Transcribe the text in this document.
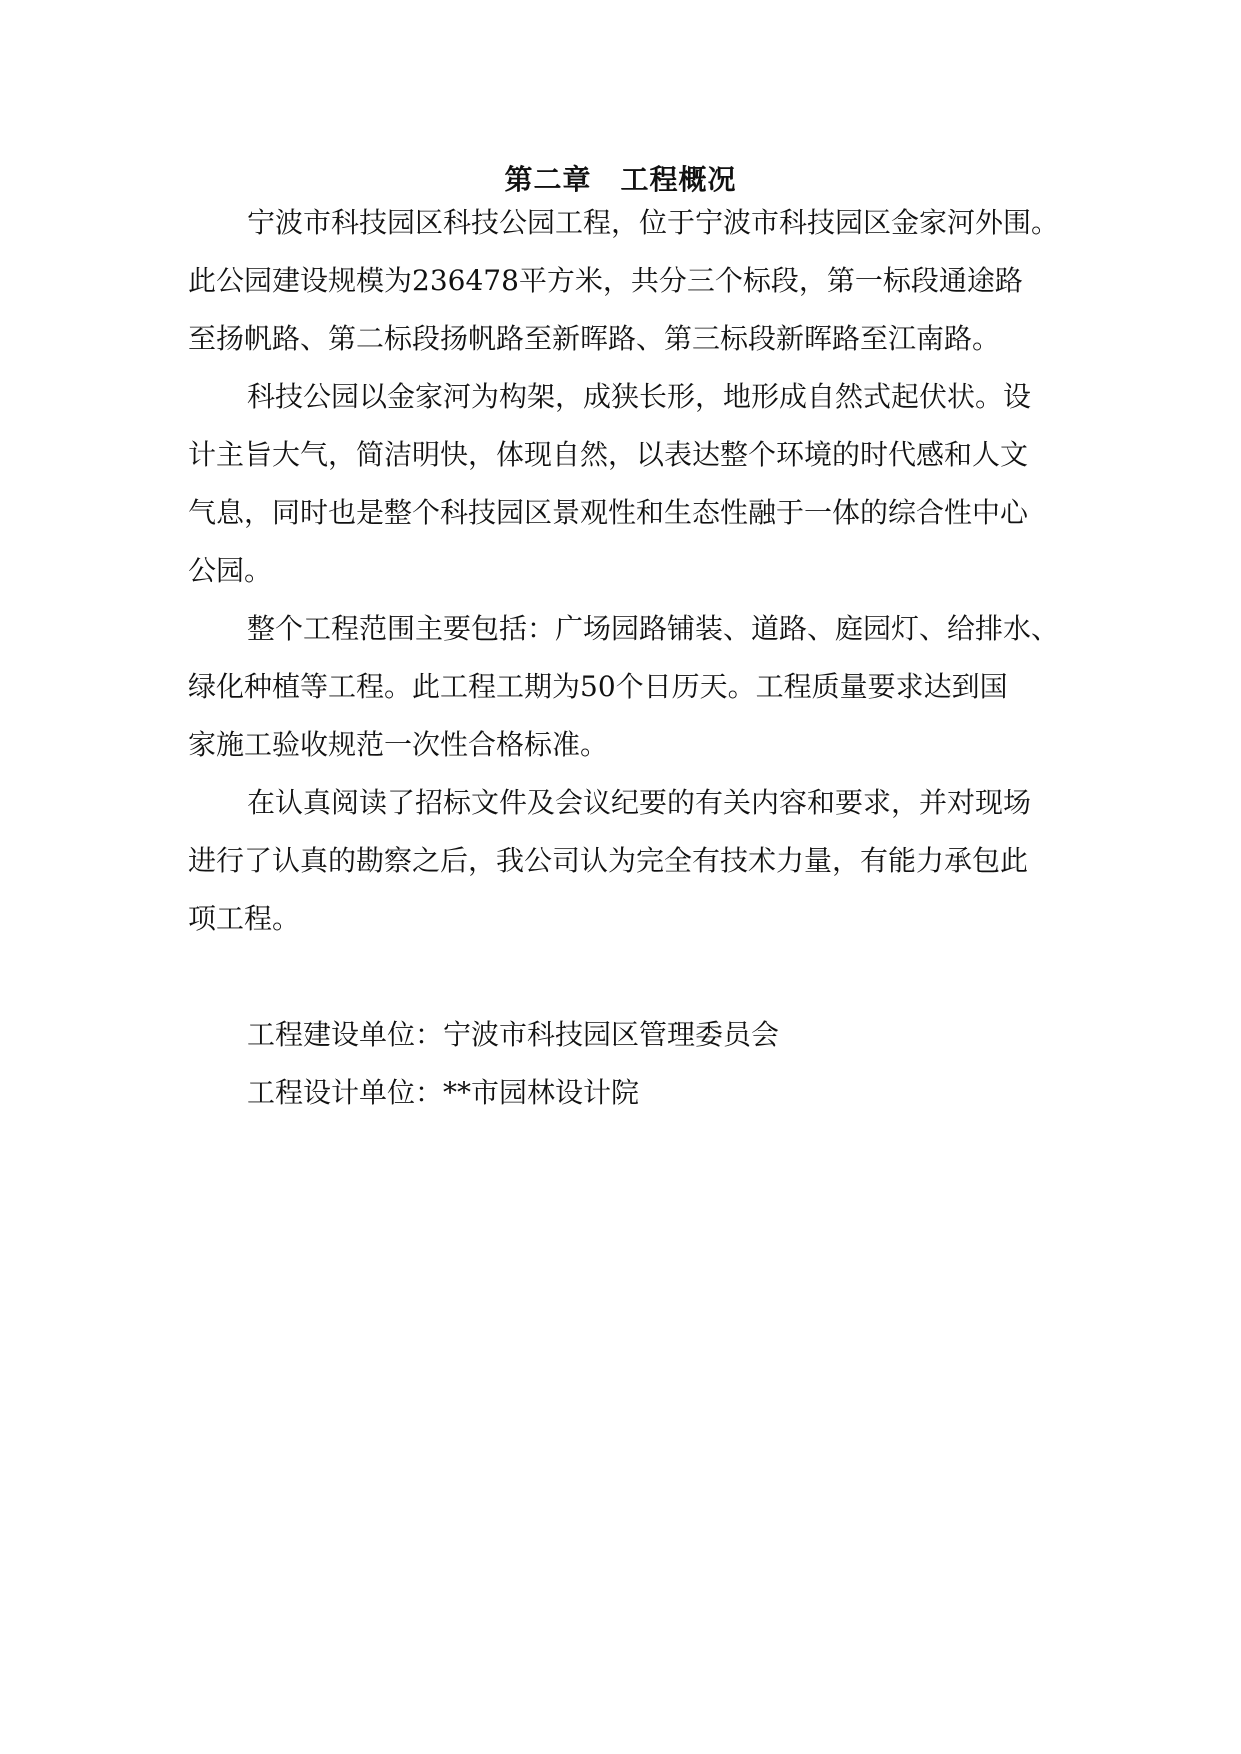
第二章　工程概况
宁波市科技园区科技公园工程，位于宁波市科技园区金家河外围。
此公园建设规模为236478平方米，共分三个标段，第一标段通途路
至扬帆路、第二标段扬帆路至新晖路、第三标段新晖路至江南路。
科技公园以金家河为构架，成狭长形，地形成自然式起伏状。设
计主旨大气，简洁明快，体现自然，以表达整个环境的时代感和人文
气息，同时也是整个科技园区景观性和生态性融于一体的综合性中心
公园。
整个工程范围主要包括：广场园路铺装、道路、庭园灯、给排水、
绿化种植等工程。此工程工期为50个日历天。工程质量要求达到国
家施工验收规范一次性合格标准。
在认真阅读了招标文件及会议纪要的有关内容和要求，并对现场
进行了认真的勘察之后，我公司认为完全有技术力量，有能力承包此
项工程。
工程建设单位：宁波市科技园区管理委员会
工程设计单位：**市园林设计院
